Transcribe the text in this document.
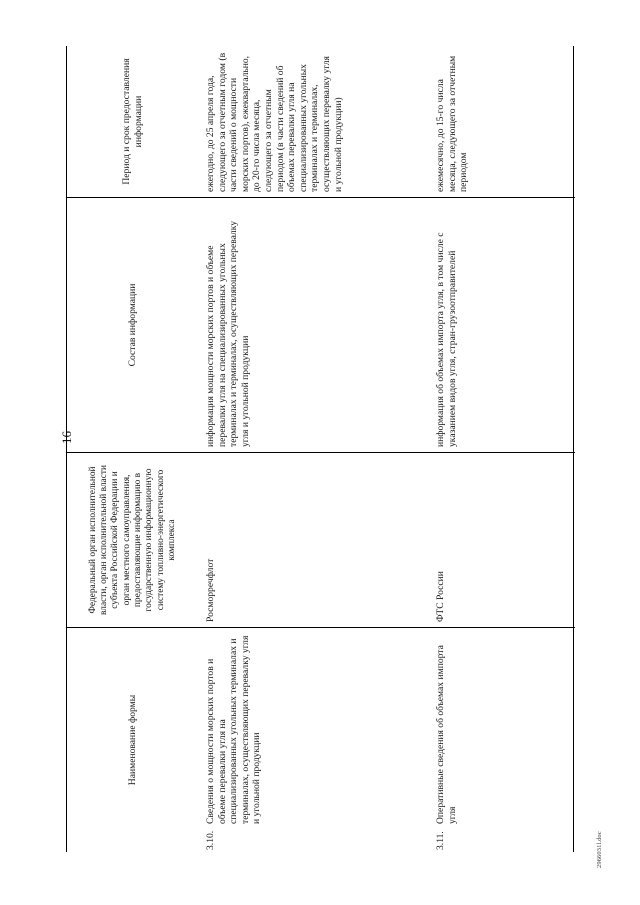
16
Наименование формы
Федеральный орган исполнительной власти, орган исполнительной власти субъекта Российской Федерации и орган местного самоуправления, предоставляющие информацию в государственную информационную систему топливно-энергетического комплекса
Состав информации
Период и срок предоставления информации
3.10.
Сведения о мощности морских портов и объеме перевалки угля на специализированных угольных терминалах и терминалах, осуществляющих перевалку угля и угольной продукции
Росморречфлот
информация мощности морских портов и объеме перевалки угля на специализированных угольных терминалах и терминалах, осуществляющих перевалку угля и угольной продукции
ежегодно, до 25 апреля года, следующего за отчетным годом (в части сведений о мощности морских портов), ежеквартально, до 20-го числа месяца, следующего за отчетным периодом (в части сведений об объемах перевалки угля на специализированных угольных терминалах и терминалах, осуществляющих перевалку угля и угольной продукции)
3.11.
Оперативные сведения об объемах импорта угля
ФТС России
информация об объемах импорта угля, в том числе с указанием видов угля, стран-грузоотправителей
ежемесячно, до 15-го числа месяца, следующего за отчетным периодом
2966031l.doc
